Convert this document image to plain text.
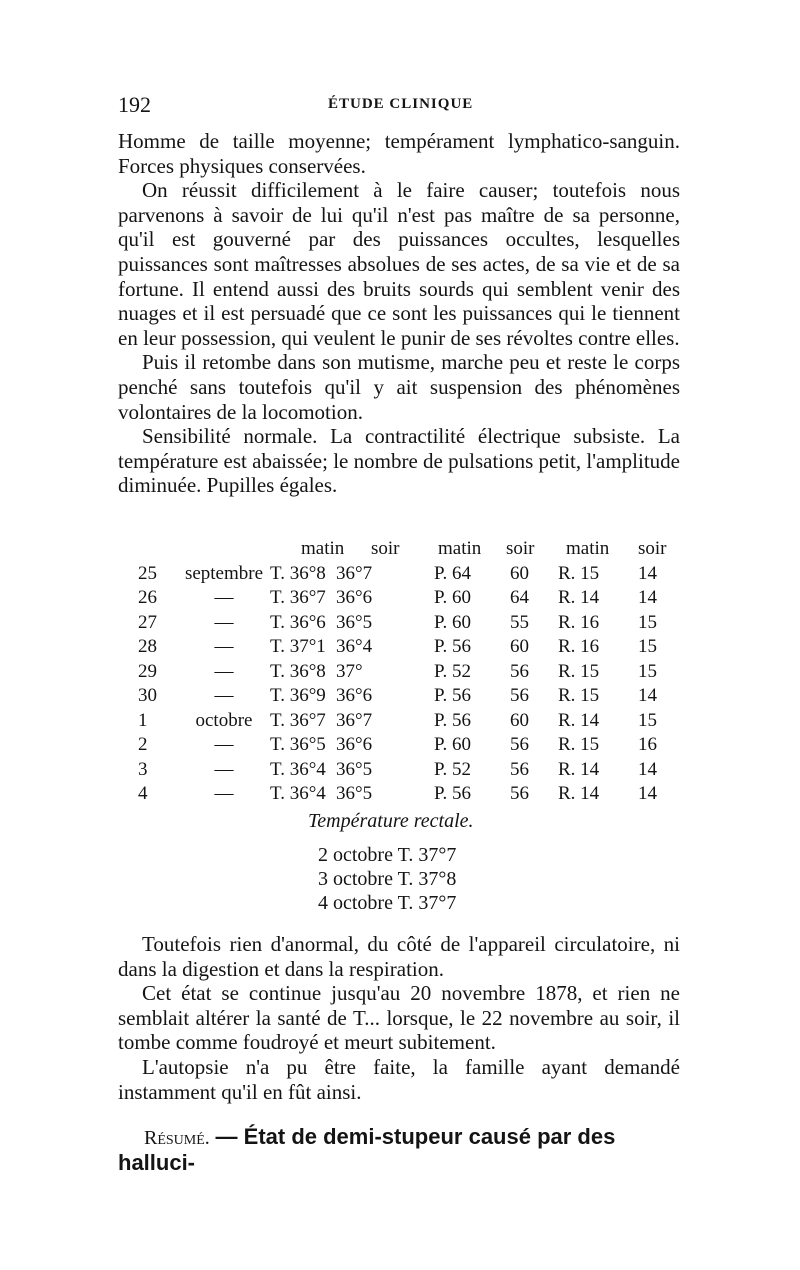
192	ÉTUDE CLINIQUE

Homme de taille moyenne; tempérament lymphatico-sanguin. Forces physiques conservées.

On réussit difficilement à le faire causer; toutefois nous parvenons à savoir de lui qu'il n'est pas maître de sa personne, qu'il est gouverné par des puissances occultes, lesquelles puissances sont maîtresses absolues de ses actes, de sa vie et de sa fortune. Il entend aussi des bruits sourds qui semblent venir des nuages et il est persuadé que ce sont les puissances qui le tiennent en leur possession, qui veulent le punir de ses révoltes contre elles.

Puis il retombe dans son mutisme, marche peu et reste le corps penché sans toutefois qu'il y ait suspension des phénomènes volontaires de la locomotion.

Sensibilité normale. La contractilité électrique subsiste. La température est abaissée; le nombre de pulsations petit, l'amplitude diminuée. Pupilles égales.

matin soir matin soir matin soir
25	septembre T. 36°8 36°7	P. 64 60 R. 15 14
26	—	T. 36°7 36°6	P. 60 64 R. 14 14
27	—	T. 36°6 36°5	P. 60 55 R. 16 15
28	—	T. 37°1 36°4	P. 56 60 R. 16 15
29	—	T. 36°8 37°	P. 52 56 R. 15 15
30	—	T. 36°9 36°6	P. 56 56 R. 15 14
1	octobre T. 36°7 36°7	P. 56 60 R. 14 15
2	—	T. 36°5 36°6	P. 60 56 R. 15 16
3	—	T. 36°4 36°5	P. 52 56 R. 14 14
4	—	T. 36°4 36°5	P. 56 56 R. 14 14
Température rectale.
2 octobre T. 37°7
3 octobre T. 37°8
4 octobre T. 37°7

Toutefois rien d'anormal, du côté de l'appareil circulatoire, ni dans la digestion et dans la respiration.

Cet état se continue jusqu'au 20 novembre 1878, et rien ne semblait altérer la santé de T... lorsque, le 22 novembre au soir, il tombe comme foudroyé et meurt subitement.

L'autopsie n'a pu être faite, la famille ayant demandé instamment qu'il en fût ainsi.

Résumé. — État de demi-stupeur causé par des halluci-
